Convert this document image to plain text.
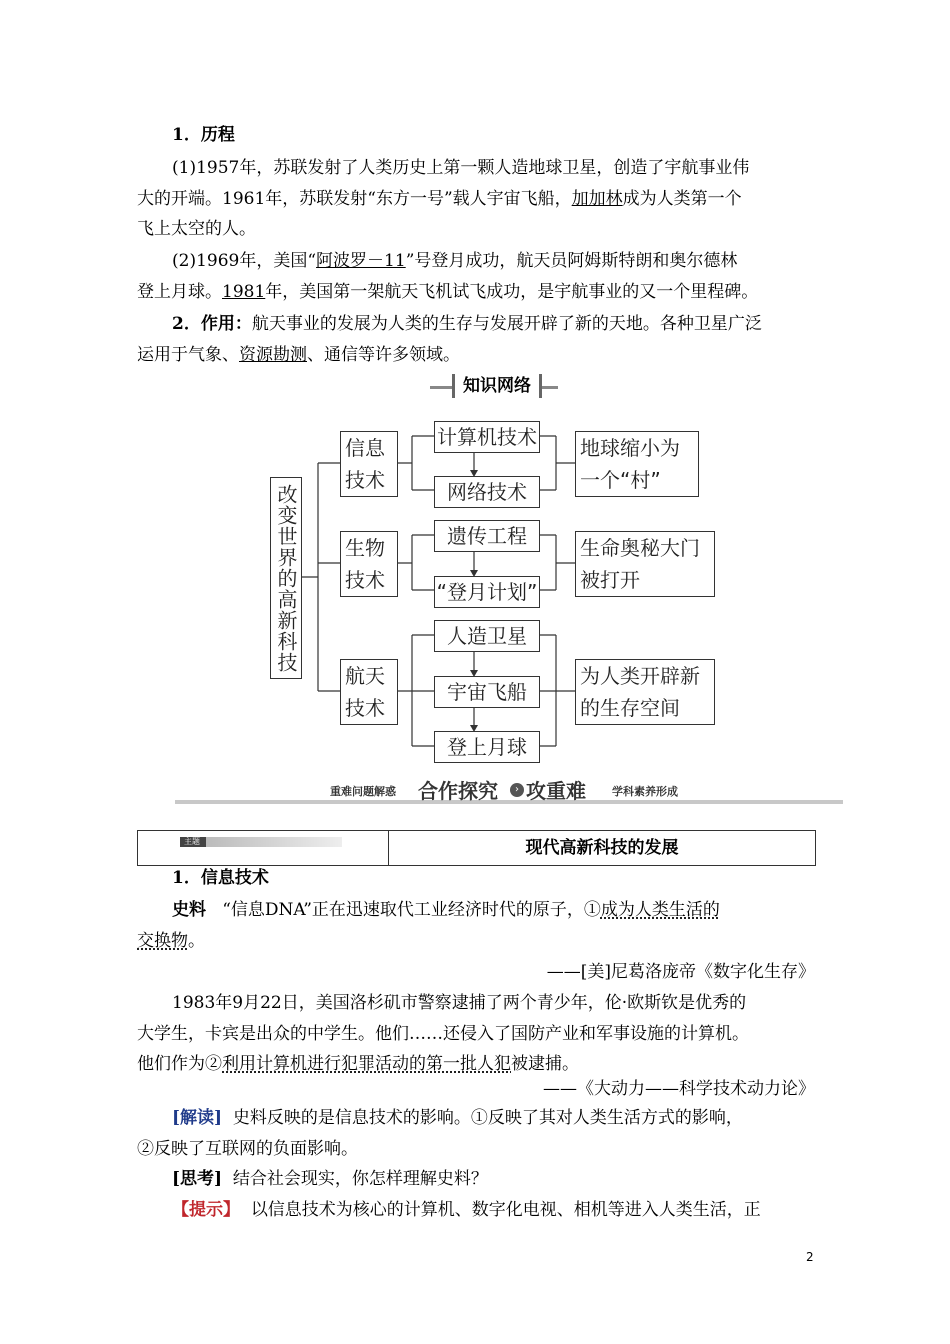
1．历程
(1)1957年，苏联发射了人类历史上第一颗人造地球卫星，创造了宇航事业伟
大的开端。1961年，苏联发射“东方一号”载人宇宙飞船，加加林成为人类第一个
飞上太空的人。
(2)1969年，美国“阿波罗－11”号登月成功，航天员阿姆斯特朗和奥尔德林
登上月球。1981年，美国第一架航天飞机试飞成功，是宇航事业的又一个里程碑。
2．作用：航天事业的发展为人类的生存与发展开辟了新的天地。各种卫星广泛
运用于气象、资源勘测、通信等许多领域。
知识网络
改变世界的高新科技
信息
技术
计算机技术
网络技术
地球缩小为
一个“村”
生物
技术
遗传工程
“登月计划”
生命奥秘大门
被打开
航天
技术
人造卫星
宇宙飞船
登上月球
为人类开辟新
的生存空间
重难问题解惑 合作探究	› 攻重难 学科素养形成
主题	现代高新科技的发展
1．信息技术
史料 “信息DNA”正在迅速取代工业经济时代的原子，①成为人类生活的
交换物。
——[美]尼葛洛庞帝《数字化生存》
1983年9月22日，美国洛杉矶市警察逮捕了两个青少年，伦·欧斯钦是优秀的
大学生，卡宾是出众的中学生。他们……还侵入了国防产业和军事设施的计算机。
他们作为②利用计算机进行犯罪活动的第一批人犯被逮捕。
——《大动力——科学技术动力论》
[解读] 史料反映的是信息技术的影响。①反映了其对人类生活方式的影响，
②反映了互联网的负面影响。
[思考] 结合社会现实，你怎样理解史料？
【提示】 以信息技术为核心的计算机、数字化电视、相机等进入人类生活，正
2
